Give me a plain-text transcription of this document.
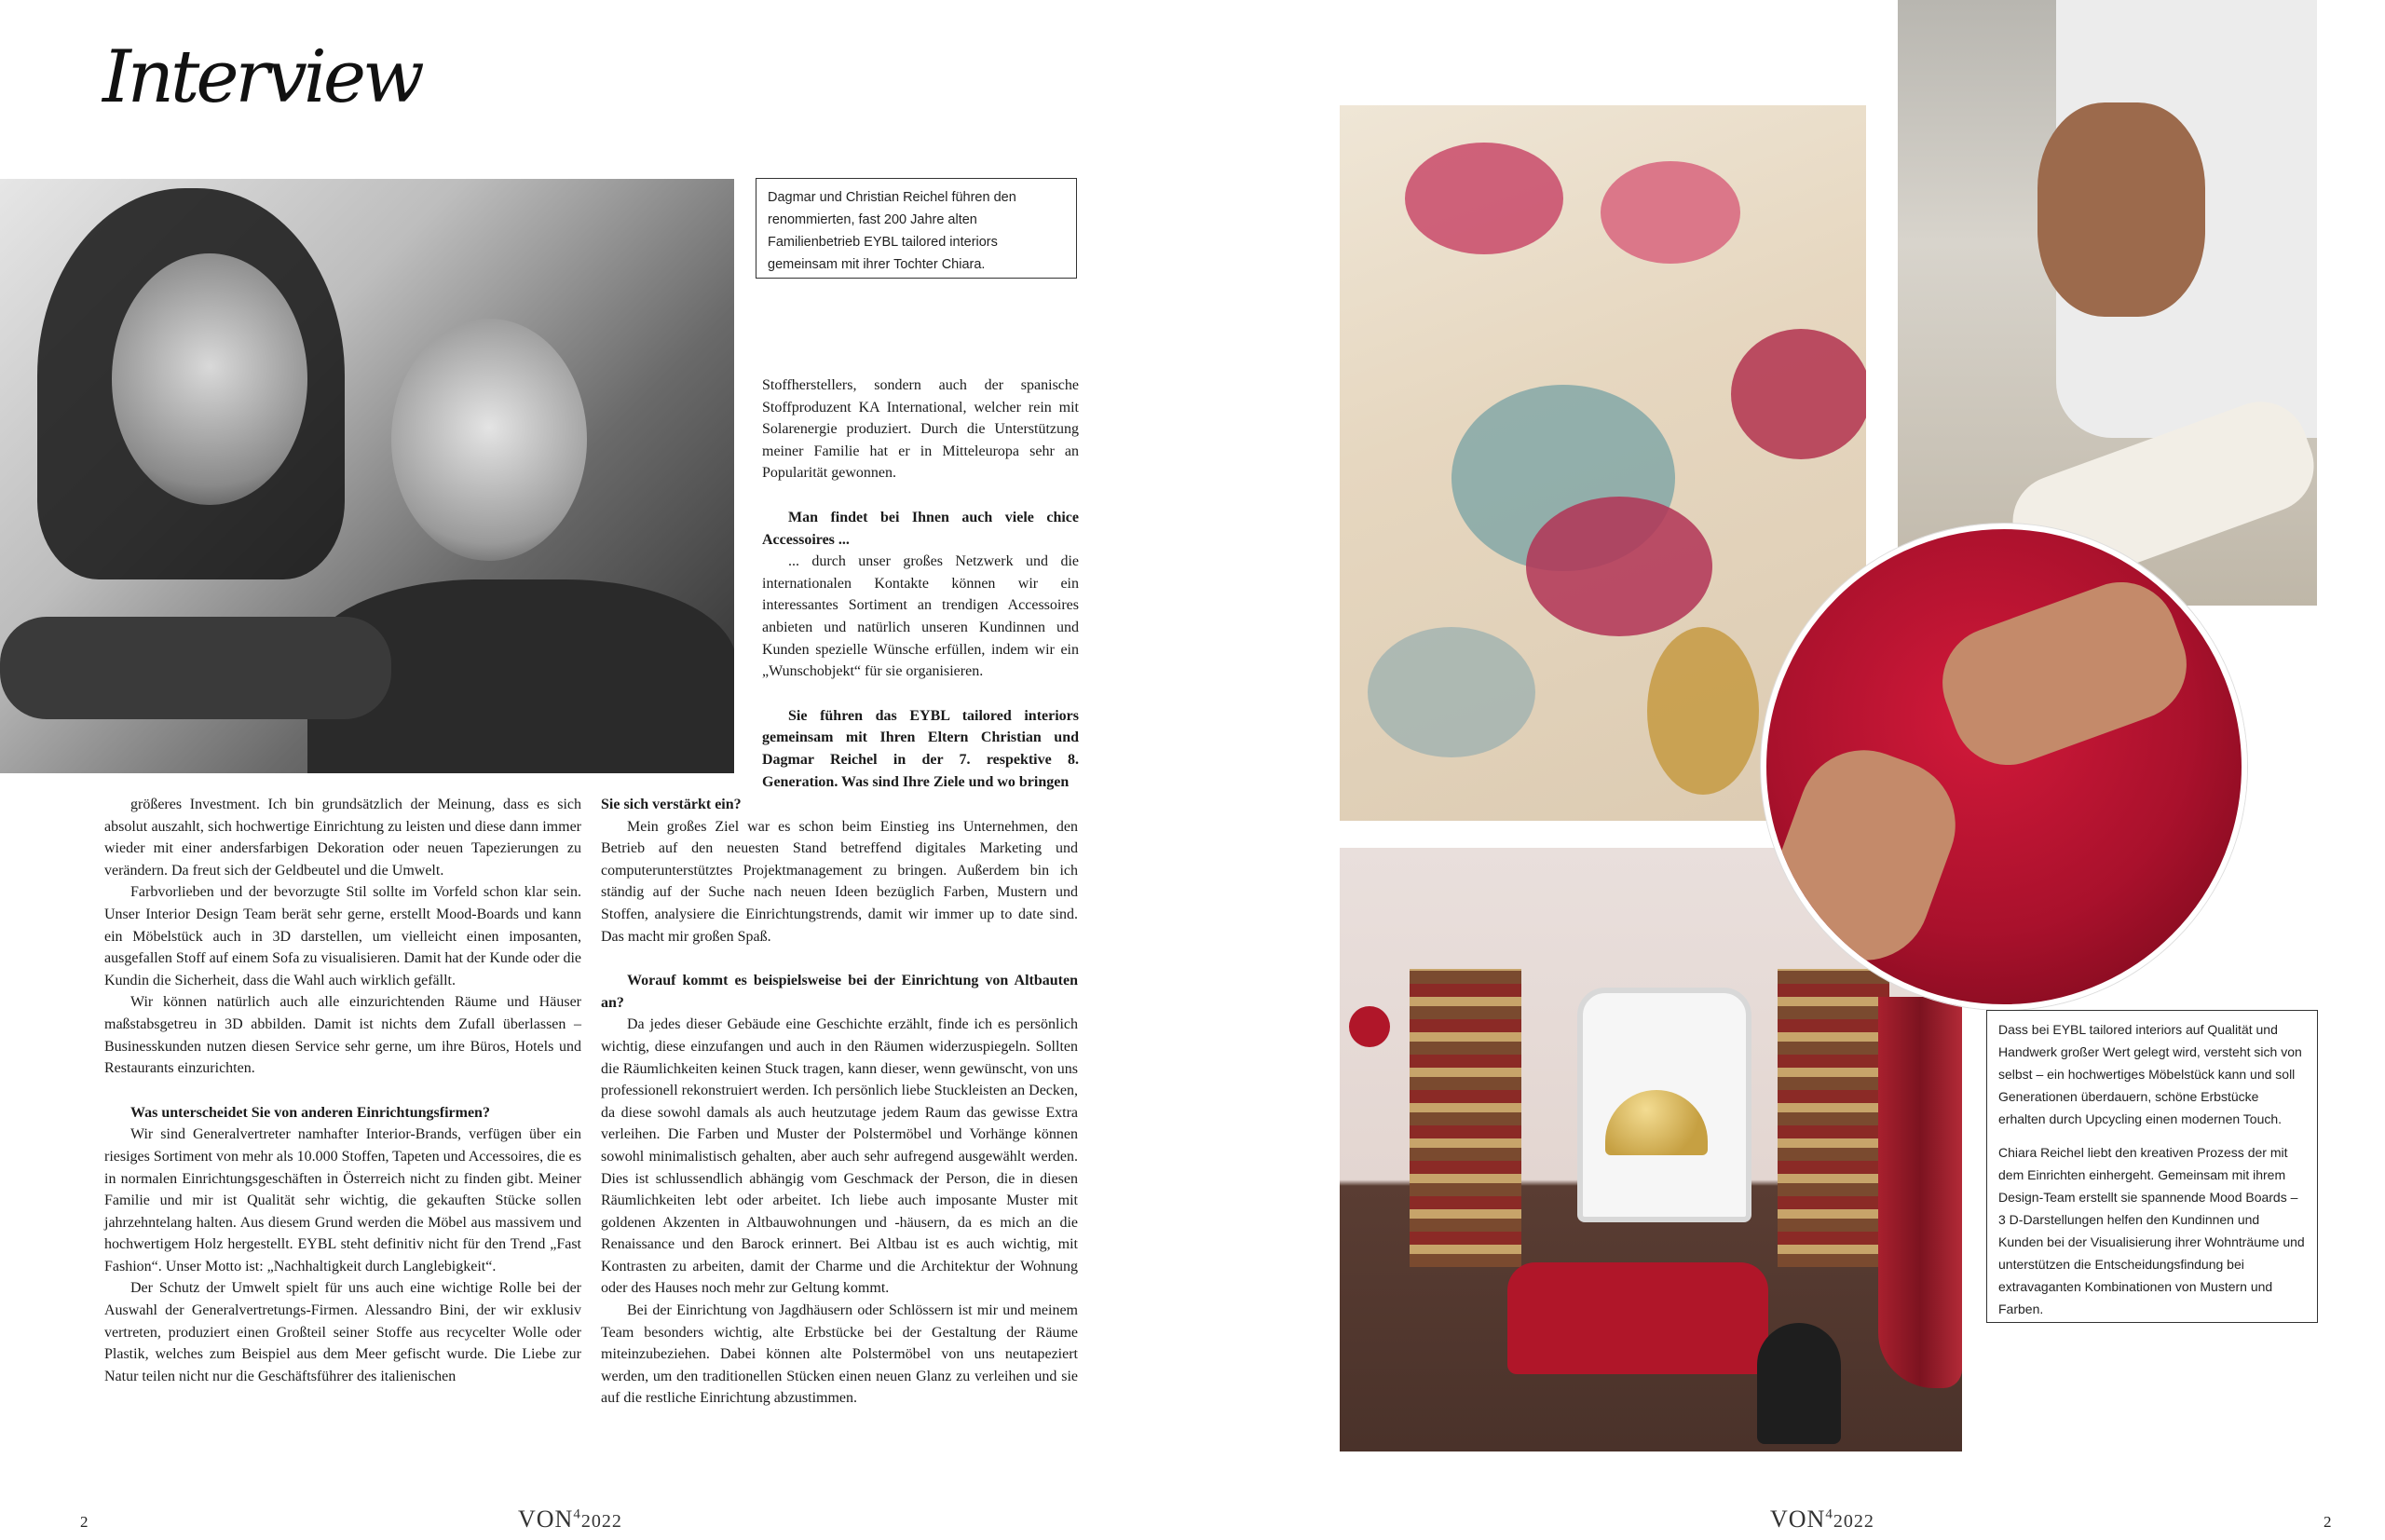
Interview
Dagmar und Christian Reichel führen den renommierten, fast 200 Jahre alten Familienbetrieb EYBL tailored interiors gemeinsam mit ihrer Tochter Chiara.

Dass bei EYBL tailored interiors auf Qualität und Handwerk großer Wert gelegt wird, versteht sich von selbst – ein hochwertiges Möbelstück kann und soll Generationen überdauern, schöne Erbstücke erhalten durch Upcycling einen modernen Touch.

Chiara Reichel liebt den kreativen Prozess der mit dem Einrichten einhergeht. Gemeinsam mit ihrem Design-Team erstellt sie spannende Mood Boards – 3 D-Darstellungen helfen den Kundinnen und Kunden bei der Visualisierung ihrer Wohnträume und unterstützen die Entscheidungsfindung bei extravaganten Kombinationen von Mustern und Farben.

Stoffherstellers, sondern auch der spanische Stoffproduzent KA International, welcher rein mit Solarenergie produziert. Durch die Unterstützung meiner Familie hat er in Mitteleuropa sehr an Popularität gewonnen.

Man findet bei Ihnen auch viele chice Accessoires ...

... durch unser großes Netzwerk und die internationalen Kontakte können wir ein interessantes Sortiment an trendigen Accessoires anbieten und natürlich unseren Kundinnen und Kunden spezielle Wünsche erfüllen, indem wir ein „Wunschobjekt“ für sie organisieren.

Sie führen das EYBL tailored interiors gemeinsam mit Ihren Eltern Christian und Dagmar Reichel in der 7. respektive 8. Generation. Was sind Ihre Ziele und wo bringen

größeres Investment. Ich bin grundsätzlich der Meinung, dass es sich absolut auszahlt, sich hochwertige Einrichtung zu leisten und diese dann immer wieder mit einer andersfarbigen Dekoration oder neuen Tapezierungen zu verändern. Da freut sich der Geldbeutel und die Umwelt.

Farbvorlieben und der bevorzugte Stil sollte im Vorfeld schon klar sein. Unser Interior Design Team berät sehr gerne, erstellt Mood-Boards und kann ein Möbelstück auch in 3D darstellen, um vielleicht einen imposanten, ausgefallen Stoff auf einem Sofa zu visualisieren. Damit hat der Kunde oder die Kundin die Sicherheit, dass die Wahl auch wirklich gefällt.

Wir können natürlich auch alle einzurichtenden Räume und Häuser maßstabsgetreu in 3D abbilden. Damit ist nichts dem Zufall überlassen – Businesskunden nutzen diesen Service sehr gerne, um ihre Büros, Hotels und Restaurants einzurichten.

Was unterscheidet Sie von anderen Einrichtungsfirmen?

Wir sind Generalvertreter namhafter Interior-Brands, verfügen über ein riesiges Sortiment von mehr als 10.000 Stoffen, Tapeten und Accessoires, die es in normalen Einrichtungsgeschäften in Österreich nicht zu finden gibt. Meiner Familie und mir ist Qualität sehr wichtig, die gekauften Stücke sollen jahrzehntelang halten. Aus diesem Grund werden die Möbel aus massivem und hochwertigem Holz hergestellt. EYBL steht definitiv nicht für den Trend „Fast Fashion“. Unser Motto ist: „Nachhaltigkeit durch Langlebigkeit“.

Der Schutz der Umwelt spielt für uns auch eine wichtige Rolle bei der Auswahl der Generalvertretungs-Firmen. Alessandro Bini, der wir exklusiv vertreten, produziert einen Großteil seiner Stoffe aus recycelter Wolle oder Plastik, welches zum Beispiel aus dem Meer gefischt wurde. Die Liebe zur Natur teilen nicht nur die Geschäftsführer des italienischen

Sie sich verstärkt ein?

Mein großes Ziel war es schon beim Einstieg ins Unternehmen, den Betrieb auf den neuesten Stand betreffend digitales Marketing und computerunterstütztes Projektmanagement zu bringen. Außerdem bin ich ständig auf der Suche nach neuen Ideen bezüglich Farben, Mustern und Stoffen, analysiere die Einrichtungstrends, damit wir immer up to date sind. Das macht mir großen Spaß.

Worauf kommt es beispielsweise bei der Einrichtung von Altbauten an?

Da jedes dieser Gebäude eine Geschichte erzählt, finde ich es persönlich wichtig, diese einzufangen und auch in den Räumen widerzuspiegeln. Sollten die Räumlichkeiten keinen Stuck tragen, kann dieser, wenn gewünscht, von uns professionell rekonstruiert werden. Ich persönlich liebe Stuckleisten an Decken, da diese sowohl damals als auch heutzutage jedem Raum das gewisse Extra verleihen. Die Farben und Muster der Polstermöbel und Vorhänge können sowohl minimalistisch gehalten, aber auch sehr aufregend ausgewählt werden. Dies ist schlussendlich abhängig vom Geschmack der Person, die in diesen Räumlichkeiten lebt oder arbeitet. Ich liebe auch imposante Muster mit goldenen Akzenten in Altbauwohnungen und -häusern, da es mich an die Renaissance und den Barock erinnert. Bei Altbau ist es auch wichtig, mit Kontrasten zu arbeiten, damit der Charme und die Architektur der Wohnung oder des Hauses noch mehr zur Geltung kommt.

Bei der Einrichtung von Jagdhäusern oder Schlössern ist mir und meinem Team besonders wichtig, alte Erbstücke bei der Gestaltung der Räume miteinzubeziehen. Dabei können alte Polstermöbel von uns neutapeziert werden, um den traditionellen Stücken einen neuen Glanz zu verleihen und sie auf die restliche Einrichtung abzustimmen.

2	VON$^4$2022	VON$^4$2022	2
